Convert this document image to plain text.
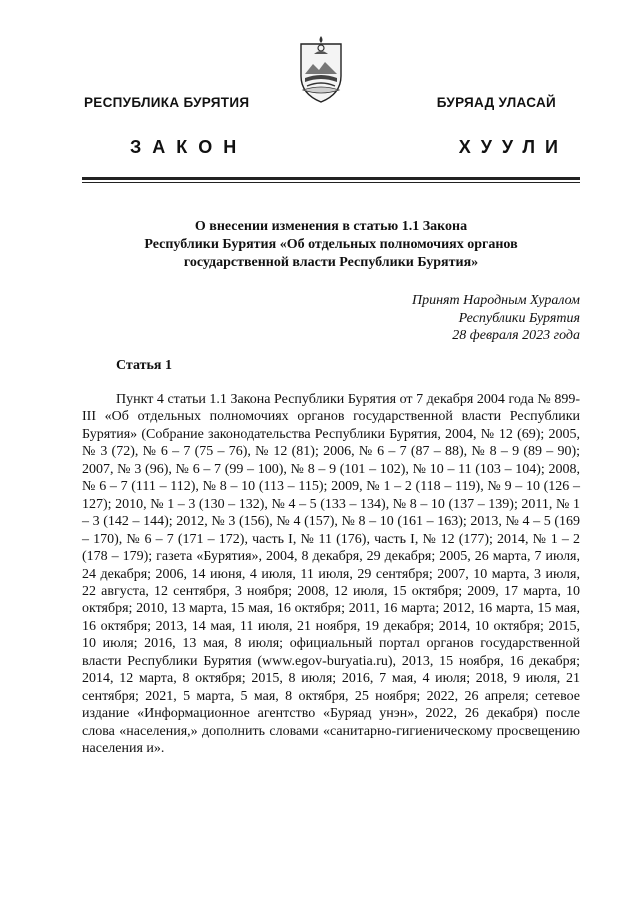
РЕСПУБЛИКА БУРЯТИЯ	БУРЯАД УЛАСАЙ
ЗАКОН	ХУУЛИ
О внесении изменения в статью 1.1 Закона
Республики Бурятия «Об отдельных полномочиях органов
государственной власти Республики Бурятия»
Принят Народным Хуралом
Республики Бурятия
28 февраля 2023 года
Статья 1
Пункт 4 статьи 1.1 Закона Республики Бурятия от 7 декабря 2004 года № 899-III «Об отдельных полномочиях органов государственной власти Республики Бурятия» (Собрание законодательства Республики Бурятия, 2004, № 12 (69); 2005, № 3 (72), № 6 – 7 (75 – 76), № 12 (81); 2006, № 6 – 7 (87 – 88), № 8 – 9 (89 – 90); 2007, № 3 (96), № 6 – 7 (99 – 100), № 8 – 9 (101 – 102), № 10 – 11 (103 – 104); 2008, № 6 – 7 (111 – 112), № 8 – 10 (113 – 115); 2009, № 1 – 2 (118 – 119), № 9 – 10 (126 – 127); 2010, № 1 – 3 (130 – 132), № 4 – 5 (133 – 134), № 8 – 10 (137 – 139); 2011, № 1 – 3 (142 – 144); 2012, № 3 (156), № 4 (157), № 8 – 10 (161 – 163); 2013, № 4 – 5 (169 – 170), № 6 – 7 (171 – 172), часть I, № 11 (176), часть I, № 12 (177); 2014, № 1 – 2 (178 – 179); газета «Бурятия», 2004, 8 декабря, 29 декабря; 2005, 26 марта, 7 июля, 24 декабря; 2006, 14 июня, 4 июля, 11 июля, 29 сентября; 2007, 10 марта, 3 июля, 22 августа, 12 сентября, 3 ноября; 2008, 12 июля, 15 октября; 2009, 17 марта, 10 октября; 2010, 13 марта, 15 мая, 16 октября; 2011, 16 марта; 2012, 16 марта, 15 мая, 16 октября; 2013, 14 мая, 11 июля, 21 ноября, 19 декабря; 2014, 10 октября; 2015, 10 июля; 2016, 13 мая, 8 июля; официальный портал органов государственной власти Республики Бурятия (www.egov-buryatia.ru), 2013, 15 ноября, 16 декабря; 2014, 12 марта, 8 октября; 2015, 8 июля; 2016, 7 мая, 4 июля; 2018, 9 июля, 21 сентября; 2021, 5 марта, 5 мая, 8 октября, 25 ноября; 2022, 26 апреля; сетевое издание «Информационное агентство «Буряад унэн», 2022, 26 декабря) после слова «населения,» дополнить словами «санитарно-гигиеническому просвещению населения и».
